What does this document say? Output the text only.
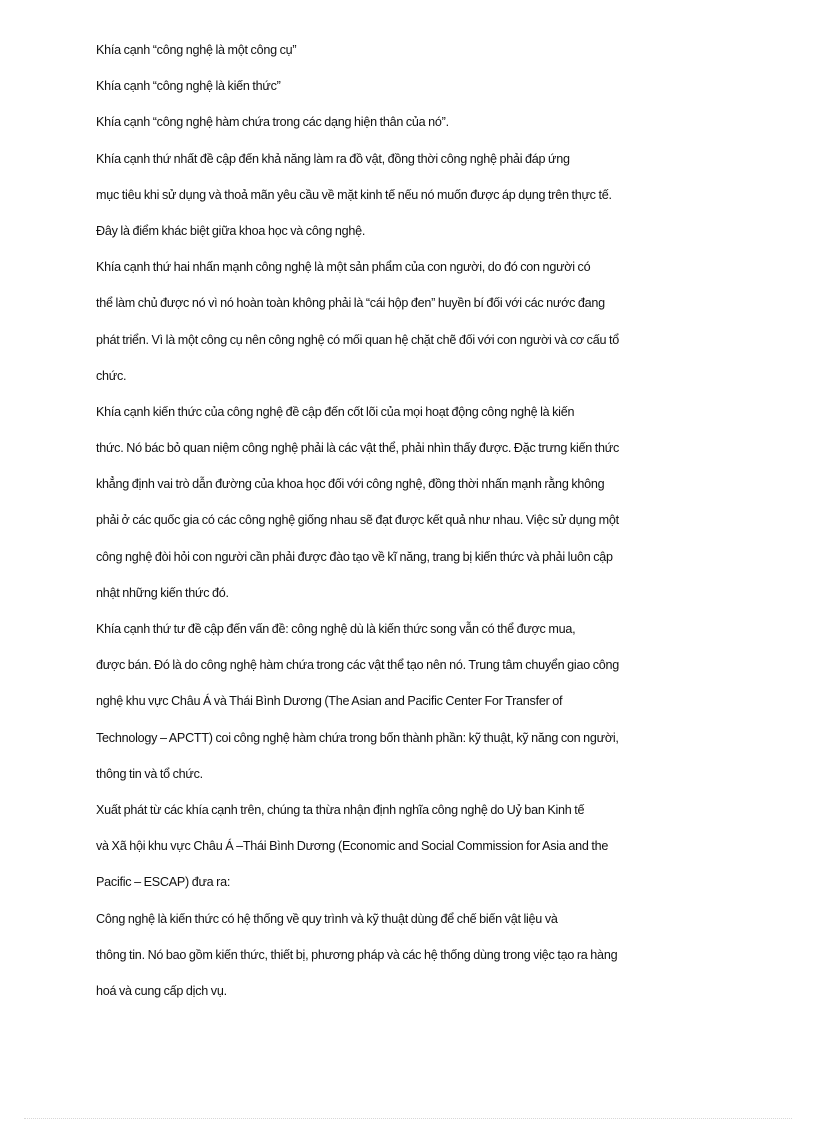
Khía cạnh “công nghệ là một công cụ”
Khía cạnh “công nghệ là kiến thức”
Khía cạnh “công nghệ hàm chứa trong các dạng hiện thân của nó”.
Khía cạnh thứ nhất đề cập đến khả năng làm ra đồ vật, đồng thời công nghệ phải đáp ứng
mục tiêu khi sử dụng và thoả mãn yêu cầu về mặt kinh tế nếu nó muốn được áp dụng trên thực tế.
Đây là điểm khác biệt giữa khoa học và công nghệ.
Khía cạnh thứ hai nhấn mạnh công nghệ là một sản phẩm của con người, do đó con người có
thể làm chủ được nó vì nó hoàn toàn không phải là “cái hộp đen” huyền bí đối với các nước đang
phát triển. Vì là một công cụ nên công nghệ có mối quan hệ chặt chẽ đối với con người và cơ cấu tổ
chức.
Khía cạnh kiến thức của công nghệ đề cập đến cốt lõi của mọi hoạt động công nghệ là kiến
thức. Nó bác bỏ quan niệm công nghệ phải là các vật thể, phải nhìn thấy được. Đặc trưng kiến thức
khẳng định vai trò dẫn đường của khoa học đối với công nghệ, đồng thời nhấn mạnh rằng không
phải ở các quốc gia có các công nghệ giống nhau sẽ đạt được kết quả như nhau. Việc sử dụng một
công nghệ đòi hỏi con người cần phải được đào tạo về kĩ năng, trang bị kiến thức và phải luôn cập
nhật những kiến thức đó.
Khía cạnh thứ tư đề cập đến vấn đề: công nghệ dù là kiến thức song vẫn có thể được mua,
được bán. Đó là do công nghệ hàm chứa trong các vật thể tạo nên nó. Trung tâm chuyển giao công
nghệ khu vực Châu Á và Thái Bình Dương (The Asian and Pacific Center For Transfer of
Technology – APCTT) coi công nghệ hàm chứa trong bốn thành phần: kỹ thuật, kỹ năng con người,
thông tin và tổ chức.
Xuất phát từ các khía cạnh trên, chúng ta thừa nhận định nghĩa công nghệ do Uỷ ban Kinh tế
và Xã hội khu vực Châu Á –Thái Bình Dương (Economic and Social Commission for Asia and the
Pacific – ESCAP) đưa ra:
Công nghệ là kiến thức có hệ thống về quy trình và kỹ thuật dùng để chế biến vật liệu và
thông tin. Nó bao gồm kiến thức, thiết bị, phương pháp và các hệ thống dùng trong việc tạo ra hàng
hoá và cung cấp dịch vụ.
